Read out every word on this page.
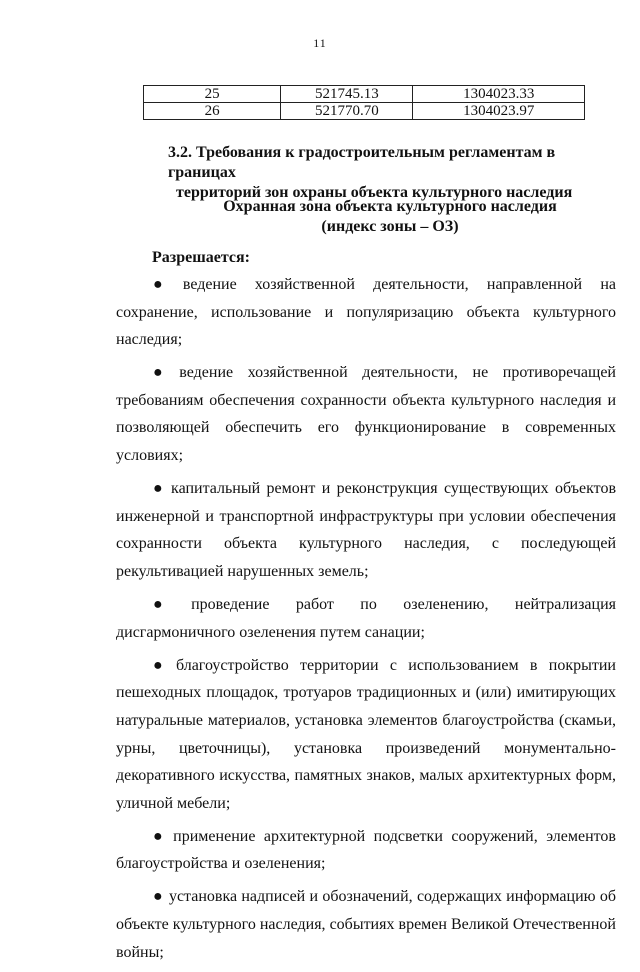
11
25	521745.13	1304023.33
26	521770.70	1304023.97
3.2. Требования к градостроительным регламентам в границах
территорий зон охраны объекта культурного наследия
Охранная зона объекта культурного наследия
(индекс зоны – ОЗ)
Разрешается:

● ведение хозяйственной деятельности, направленной на сохранение, использование и популяризацию объекта культурного наследия;

● ведение хозяйственной деятельности, не противоречащей требованиям обеспечения сохранности объекта культурного наследия и позволяющей обеспечить его функционирование в современных условиях;

● капитальный ремонт и реконструкция существующих объектов инженерной и транспортной инфраструктуры при условии обеспечения сохранности объекта культурного наследия, с последующей рекультивацией нарушенных земель;

● проведение работ по озеленению, нейтрализация дисгармоничного озеленения путем санации;

● благоустройство территории с использованием в покрытии пешеходных площадок, тротуаров традиционных и (или) имитирующих натуральные материалов, установка элементов благоустройства (скамьи, урны, цветочницы), установка произведений монументально-декоративного искусства, памятных знаков, малых архитектурных форм, уличной мебели;

● применение архитектурной подсветки сооружений, элементов благоустройства и озеленения;

● установка надписей и обозначений, содержащих информацию об объекте культурного наследия, событиях времен Великой Отечественной войны;
